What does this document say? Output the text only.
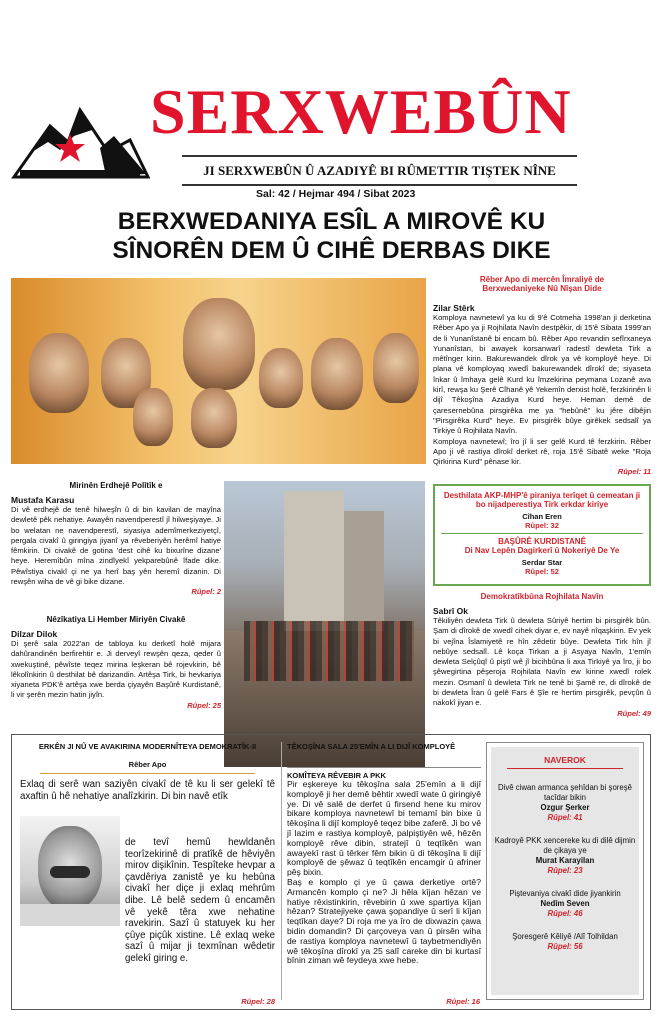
SERXWEBÛN
JI SERXWEBÛN Û AZADIYÊ BI RÛMETTIR TIŞTEK NÎNE
Sal: 42 / Hejmar 494 / Sibat 2023
BERXWEDANIYA ESÎL A MIROVÊ KU
SÎNORÊN DEM Û CIHÊ DERBAS DIKE
Rêber Apo di mercên Îmraliyê de
Berxwedaniyeke Nû Nîşan Dide
Zilar Stêrk
Komploya navnetewî ya ku di 9'ê Cotmeha 1998'an ji derketina Rêber Apo ya ji Rojhilata Navîn destpêkir, di 15'ê Sibata 1999'an de li Yunanîstanê bi encam bû. Rêber Apo revandin sefîrxaneya Yunanîstan, bi awayek korsanwarî radestî dewleta Tirk a mêtînger kirin. Bakurewandek dîrok ya vê komployê heye. Di plana vê komployaq xwedî bakurewandek dîrokî de; siyaseta înkar û îmhaya gelê Kurd ku îmzekirina peymana Lozanê ava kirî, rewşa ku Şerê Cîhanê yê Yekemîn derxist holê, ferzkirinên li dijî Têkoşîna Azadiya Kurd heye. Heman demê de çaresernebûna pirsgirêka me ya "hebûnê" ku jêre dibêjin "Pirsgirêka Kurd" heye. Ev pirsgirêk bûye girêkek sedsalî ya Tirkiye û Rojhilata Navîn.
Komploya navnetewî; îro jî li ser gelê Kurd tê ferzkirin. Rêber Apo ji vê rastiya dîrokî derket rê, roja 15'ê Sibatê weke "Roja Qirkirina Kurd" pênase kir.
Rûpel: 11
Mirinên Erdhejê Polîtîk e
Mustafa Karasu
Di vê erdhejê de tenê hilweşîn û di bin kavilan de mayîna dewletê pêk nehatiye. Awayên navendperestî jî hilweşiyaye. Ji bo welatan ne navendperestî, siyasiya ademîmerkeziyetçî, pergala civakî û giringiya jiyanî ya rêveberiyên herêmî hatiye fêmkirin. Di civakê de gotina 'dest cihê ku bixurîne dizane' heye. Heremîbûn mîna zindîyekî yekparebûnê îfade dike. Pêwîstiya civakî çi ne ya herî baş yên heremî dizanin. Di rewşên wiha de vê gi bike dizane.
Rûpel: 2
Nêzîkatiya Li Hember Miriyên Civakê
Dilzar Dilok
Di şerê sala 2022'an de tabloya ku derketî holê mijara dahûrandinên berfirehtir e. Ji derveyî rewşên qeza, qeder û xwekuştinê, pêwîste teqez mirina leşkeran bê rojevkirin, bê lêkolînkirin û desthilat bê darizandin. Artêşa Tirk, bi hevkariya xiyaneta PDK'ê artêşa xwe berda çiyayên Başûrê Kurdistanê, li vir şerên mezin hatin jiyîn.
Rûpel: 25
Desthilata AKP-MHP'ê piraniya terîqet û cemeatan ji bo nijadperestiya Tirk erkdar kiriye
Cîhan Eren
Rûpel: 32
BAŞÛRÊ KURDISTANÊ
Di Nav Lepên Dagirkerî û Nokeriyê De Ye
Serdar Star
Rûpel: 52
Demokratîkbûna Rojhilata Navîn
Sabrî Ok
Têkiliyên dewleta Tirk û dewleta Sûriyê hertim bi pirsgirêk bûn. Şam di dîrokê de xwedî cihek diyar e, ev nayê nîqaşkirin. Ev yek bi vejîna Îslamiyetê re hîn zêdetir bûye. Dewleta Tirk hîn jî nebûye sedsalî. Lê koça Tirkan a ji Asyaya Navîn, 1'emîn dewleta Selçûqî û piştî wê jî bicihbûna li axa Tirkiyê ya îro, ji bo şêwegirtina pêşeroja Rojhilata Navîn ew kirine xwedî rolek mezin. Osmanî û dewleta Tirk ne tenê bi Şamê re, di dîrokê de bi dewleta Îran û gelê Fars ê Şîe re hertim pirsgirêk, pevçûn û nakokî jiyan e.
Rûpel: 49
ERKÊN JI NÛ VE AVAKIRINA MODERNÎTEYA DEMOKRATÎK-II
Rêber Apo
Exlaq di serê wan saziyên civakî de tê ku li ser gelekî tê axaftin û hê nehatiye analîzkirin. Di bin navê etîk
de tevî hemû hewldanên teorîzekirinê di pratîkê de hêviyên mirov dişikînin. Tespîteke hevpar a çavdêriya zanistê ye ku hebûna civakî her diçe ji exlaq mehrûm dibe. Lê belê sedem û encamên vê yekê têra xwe nehatine ravekirin. Sazî û statuyek ku her çûye piçûk xistine. Lê exlaq weke sazî û mijar ji texmînan wêdetir gelekî giring e.
Rûpel: 28
TÊKOŞÎNA SALA 25'EMÎN A LI DIJÎ KOMPLOYÊ
KOMÎTEYA RÊVEBIR A PKK
Pir eşkereye ku têkoşîna sala 25'emîn a li dijî komployê ji her demê bêhtir xwedî wate û giringiyê ye. Di vê salê de derfet û firsend hene ku mirov bikare komploya navnetewî bi temamî bin bixe û têkoşîna li dijî komployê teqez bibe zaferê. Ji bo vê jî lazim e rastiya komployê, palpiştiyên wê, hêzên komployê rêve dibin, stratejî û teqtîkên wan awayekî rast û têrker fêm bikin û di têkoşîna li dijî komployê de şêwaz û teqtîkên encamgir û afriner pêş bixin.
Baş e komplo çi ye û çawa derketiye ortê? Armancên komplo çi ne? Ji hêla kîjan hêzan ve hatiye rêxistinkirin, rêvebirin û xwe spartiya kîjan hêzan? Stratejiyeke çawa şopandiye û serî li kîjan teqtîkan daye? Di roja me ya îro de dixwazin çawa bidin domandin? Di çarçoveya van û pirsên wiha de rastiya komploya navnetewî û taybetmendiyên wê têkoşîna dîrokî ya 25 salî careke din bi kurtasî bînin ziman wê feydeya xwe hebe.
Rûpel: 16
NAVEROK
Divê ciwan armanca şehîdan bi şoreşê tacîdar bikin
Ozgur Şerker
Rûpel: 41
Kadroyê PKK xencereke ku di dilê dijmin de çikaya ye
Murat Karayilan
Rûpel: 23
Piştevaniya civakî dide jiyankirin
Nedîm Seven
Rûpel: 46
Şoresgerê Kêliyê /Alî Tolhildan
Rûpel: 56
